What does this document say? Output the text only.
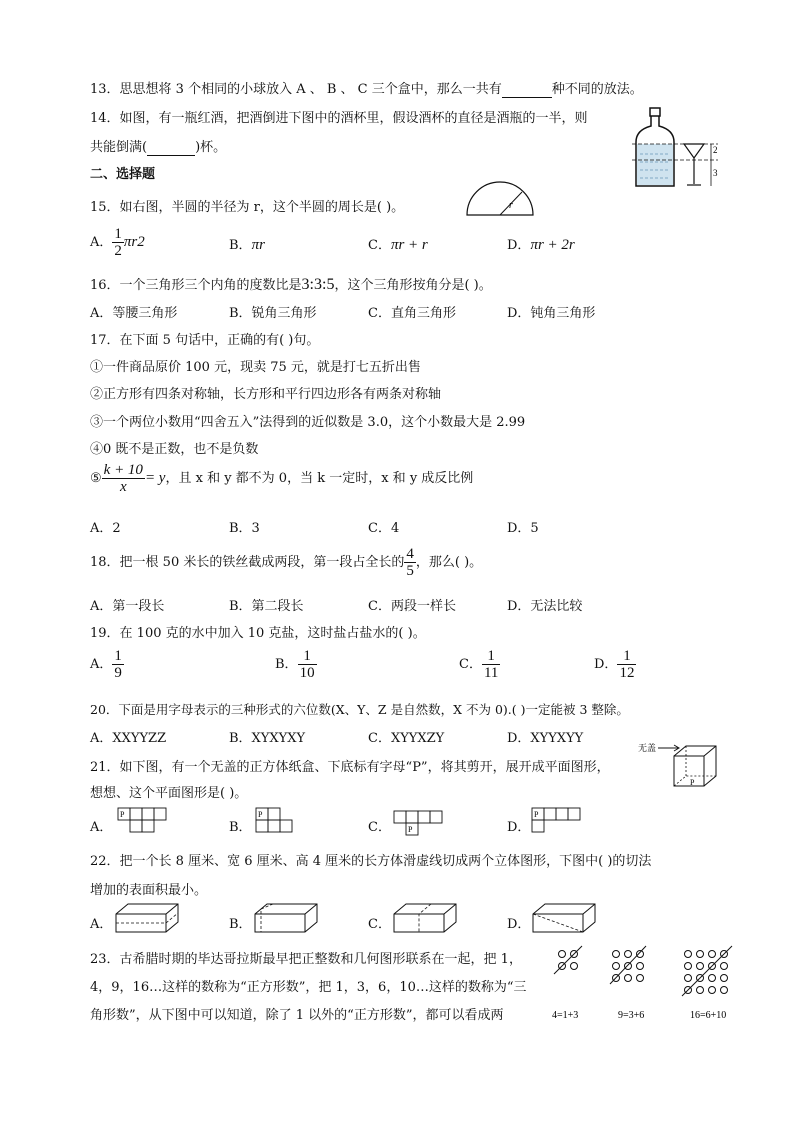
13．思思想将 3 个相同的小球放入 A 、 B 、 C 三个盒中，那么一共有	种不同的放法。
14．如图，有一瓶红酒，把酒倒进下图中的酒杯里，假设酒杯的直径是酒瓶的一半，则
共能倒满(	)杯。	2
3
二、选择题
15．如右图，半圆的半径为 r，这个半圆的周长是( )。	r
A． $\frac{1}{2} \pi r2$	B．πr	C．πr + r	D．πr + 2r
16．一个三角形三个内角的度数比是3:3:5，这个三角形按角分是( )。
A．等腰三角形	B．锐角三角形	C．直角三角形	D．钝角三角形
17．在下面 5 句话中，正确的有( )句。
①一件商品原价 100 元，现卖 75 元，就是打七五折出售
②正方形有四条对称轴，长方形和平行四边形各有两条对称轴
③一个两位小数用“四舍五入”法得到的近似数是 3.0，这个小数最大是 2.99
④0 既不是正数，也不是负数
⑤ $\frac{k + 10}{x} = y$，且 x 和 y 都不为 0，当 k 一定时，x 和 y 成反比例
A．2	B．3	C．4	D．5
18．把一根 50 米长的铁丝截成两段，第一段占全长的 $\frac{4}{5}$ ，那么( )。
A．第一段长	B．第二段长	C．两段一样长	D．无法比较
19．在 100 克的水中加入 10 克盐，这时盐占盐水的( )。
A． $\frac{1}{9}$	B． $\frac{1}{10}$	C． $\frac{1}{11}$	D． $\frac{1}{12}$
20．下面是用字母表示的三种形式的六位数(X、Y、Z 是自然数，X 不为 0).( )一定能被 3 整除。
A．XXYYZZ	B．XYXYXY	C．XYYXZY	D．XYYXYY
21．如下图，有一个无盖的正方体纸盒、下底标有字母“P”，将其剪开，展开成平面图形，
想想、这个平面图形是( )。
无盖
P
A．
P
B．
P
C． P	D．
P
22．把一个长 8 厘米、宽 6 厘米、高 4 厘米的长方体滑虚线切成两个立体图形，下图中( )的切法
增加的表面积最小。
A．	B．	C．	D．
23．古希腊时期的毕达哥拉斯最早把正整数和几何图形联系在一起，把 1，
4，9，16…这样的数称为“正方形数”，把 1，3，6，10…这样的数称为“三
角形数”，从下图中可以知道，除了 1 以外的“正方形数”，都可以看成两	4=1+3	9=3+6	16=6+10
